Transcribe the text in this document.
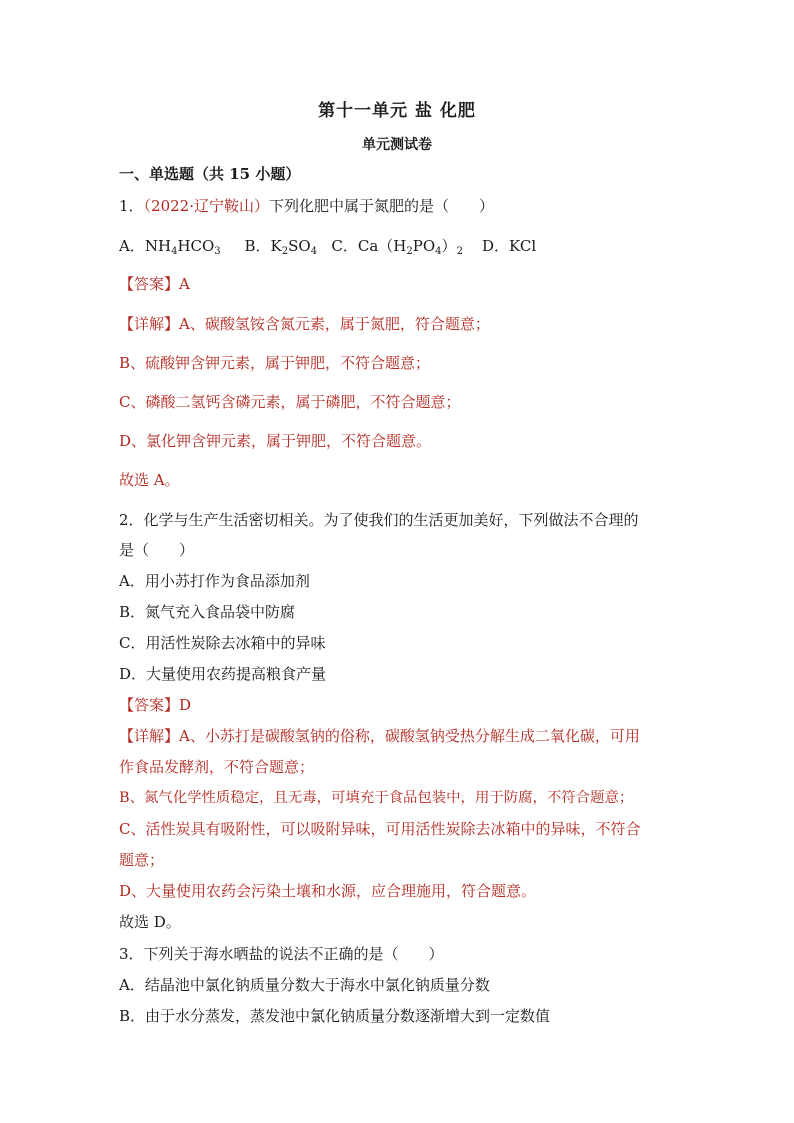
第十一单元 盐 化肥
单元测试卷
一、单选题（共 15 小题）
1．（2022·辽宁鞍山）下列化肥中属于氮肥的是（　　）
A．$NH_4HCO_3$ B．$K_2SO_4$ C．$Ca(H_2PO_4)_2$ D．KCl
【答案】A
【详解】A、碳酸氢铵含氮元素，属于氮肥，符合题意；
B、硫酸钾含钾元素，属于钾肥，不符合题意；
C、磷酸二氢钙含磷元素，属于磷肥，不符合题意；
D、氯化钾含钾元素，属于钾肥，不符合题意。
故选 A。
2．化学与生产生活密切相关。为了使我们的生活更加美好，下列做法不合理的
是（　　）
A．用小苏打作为食品添加剂
B．氮气充入食品袋中防腐
C．用活性炭除去冰箱中的异味
D．大量使用农药提高粮食产量
【答案】D
【详解】A、小苏打是碳酸氢钠的俗称，碳酸氢钠受热分解生成二氧化碳，可用
作食品发酵剂，不符合题意；
B、氮气化学性质稳定，且无毒，可填充于食品包装中，用于防腐，不符合题意；
C、活性炭具有吸附性，可以吸附异味，可用活性炭除去冰箱中的异味，不符合
题意；
D、大量使用农药会污染土壤和水源，应合理施用，符合题意。
故选 D。
3．下列关于海水晒盐的说法不正确的是（　　）
A．结晶池中氯化钠质量分数大于海水中氯化钠质量分数
B．由于水分蒸发，蒸发池中氯化钠质量分数逐渐增大到一定数值
